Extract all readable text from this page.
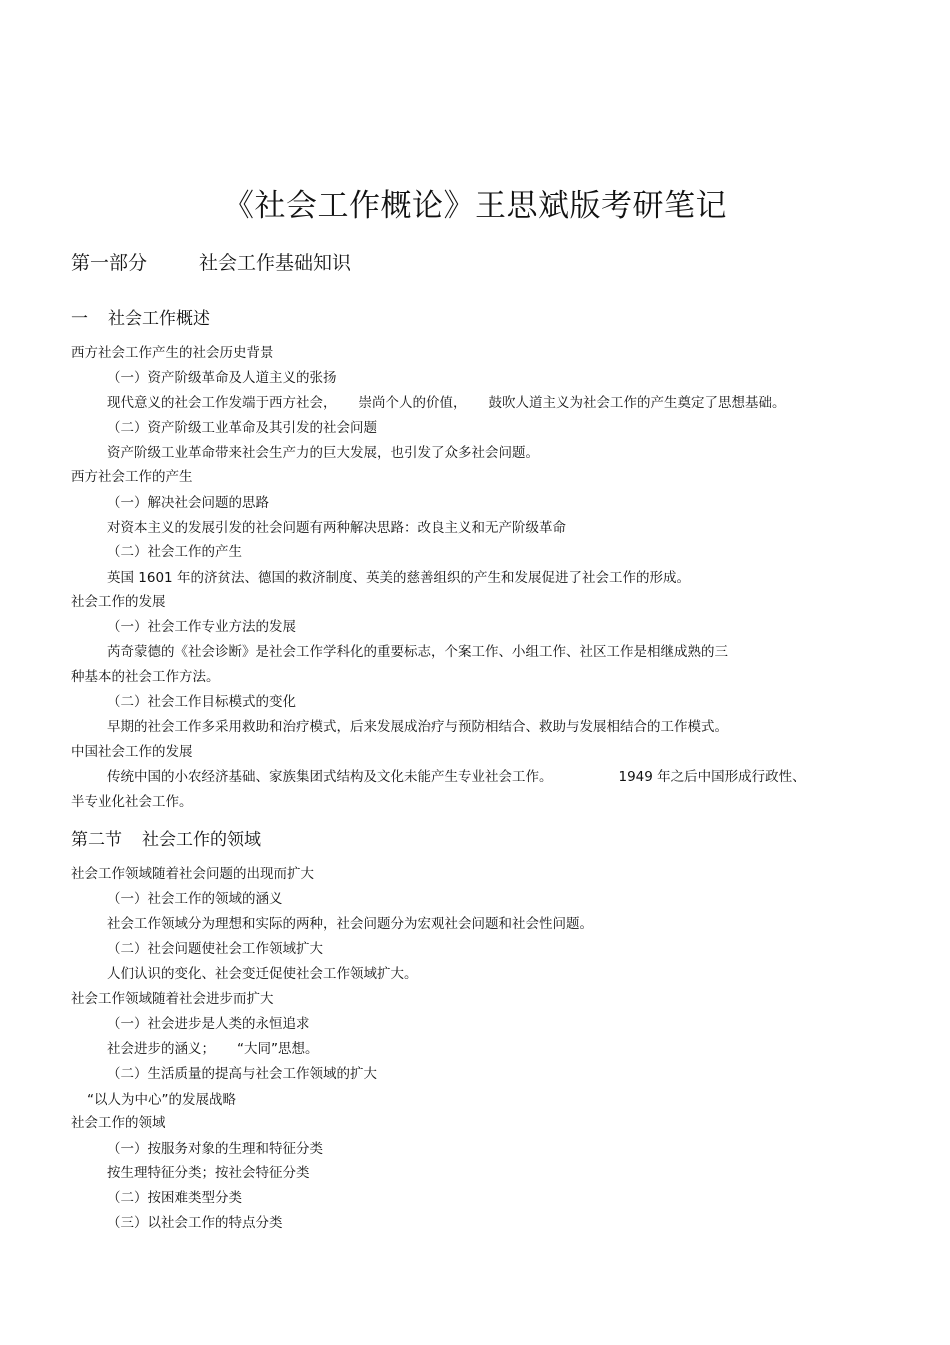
《社会工作概论》王思斌版考研笔记
第一部分	社会工作基础知识
一 社会工作概述
西方社会工作产生的社会历史背景
（一）资产阶级革命及人道主义的张扬
现代意义的社会工作发端于西方社会， 崇尚个人的价值， 鼓吹人道主义为社会工作的产生奠定了思想基础。
（二）资产阶级工业革命及其引发的社会问题
资产阶级工业革命带来社会生产力的巨大发展，也引发了众多社会问题。
西方社会工作的产生
（一）解决社会问题的思路
对资本主义的发展引发的社会问题有两种解决思路：改良主义和无产阶级革命
（二）社会工作的产生
英国 1601 年的济贫法、德国的救济制度、英美的慈善组织的产生和发展促进了社会工作的形成。
社会工作的发展
（一）社会工作专业方法的发展
芮奇蒙德的《社会诊断》是社会工作学科化的重要标志，个案工作、小组工作、社区工作是相继成熟的三
种基本的社会工作方法。
（二）社会工作目标模式的变化
早期的社会工作多采用救助和治疗模式，后来发展成治疗与预防相结合、救助与发展相结合的工作模式。
中国社会工作的发展
传统中国的小农经济基础、家族集团式结构及文化未能产生专业社会工作。	1949 年之后中国形成行政性、
半专业化社会工作。
第二节 社会工作的领域
社会工作领域随着社会问题的出现而扩大
（一）社会工作的领域的涵义
社会工作领域分为理想和实际的两种，社会问题分为宏观社会问题和社会性问题。
（二）社会问题使社会工作领域扩大
人们认识的变化、社会变迁促使社会工作领域扩大。
社会工作领域随着社会进步而扩大
（一）社会进步是人类的永恒追求
社会进步的涵义； “大同”思想。
（二）生活质量的提高与社会工作领域的扩大
“以人为中心”的发展战略
社会工作的领域
（一）按服务对象的生理和特征分类
按生理特征分类；按社会特征分类
（二）按困难类型分类
（三）以社会工作的特点分类
